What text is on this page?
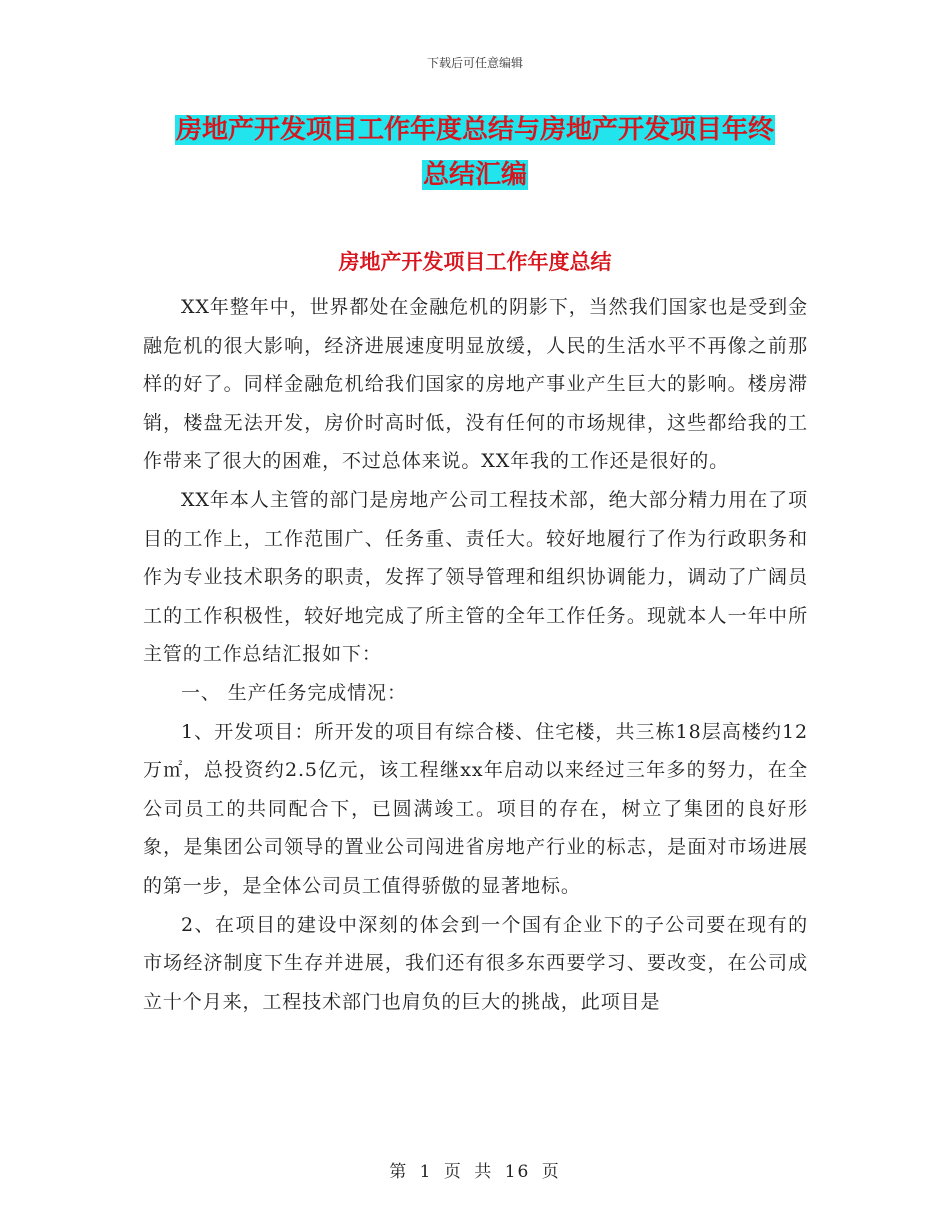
下载后可任意编辑
房地产开发项目工作年度总结与房地产开发项目年终
总结汇编
房地产开发项目工作年度总结

XX年整年中，世界都处在金融危机的阴影下，当然我们国家也是受到金融危机的很大影响，经济进展速度明显放缓，人民的生活水平不再像之前那样的好了。同样金融危机给我们国家的房地产事业产生巨大的影响。楼房滞销，楼盘无法开发，房价时高时低，没有任何的市场规律，这些都给我的工作带来了很大的困难，不过总体来说。XX年我的工作还是很好的。

XX年本人主管的部门是房地产公司工程技术部，绝大部分精力用在了项目的工作上，工作范围广、任务重、责任大。较好地履行了作为行政职务和作为专业技术职务的职责，发挥了领导管理和组织协调能力，调动了广阔员工的工作积极性，较好地完成了所主管的全年工作任务。现就本人一年中所主管的工作总结汇报如下：

一、 生产任务完成情况：

1、开发项目：所开发的项目有综合楼、住宅楼，共三栋18层高楼约12万㎡，总投资约2.5亿元，该工程继xx年启动以来经过三年多的努力，在全公司员工的共同配合下，已圆满竣工。项目的存在，树立了集团的良好形象，是集团公司领导的置业公司闯进省房地产行业的标志，是面对市场进展的第一步，是全体公司员工值得骄傲的显著地标。

2、在项目的建设中深刻的体会到一个国有企业下的子公司要在现有的市场经济制度下生存并进展，我们还有很多东西要学习、要改变，在公司成立十个月来，工程技术部门也肩负的巨大的挑战，此项目是

第 1 页 共 16 页
